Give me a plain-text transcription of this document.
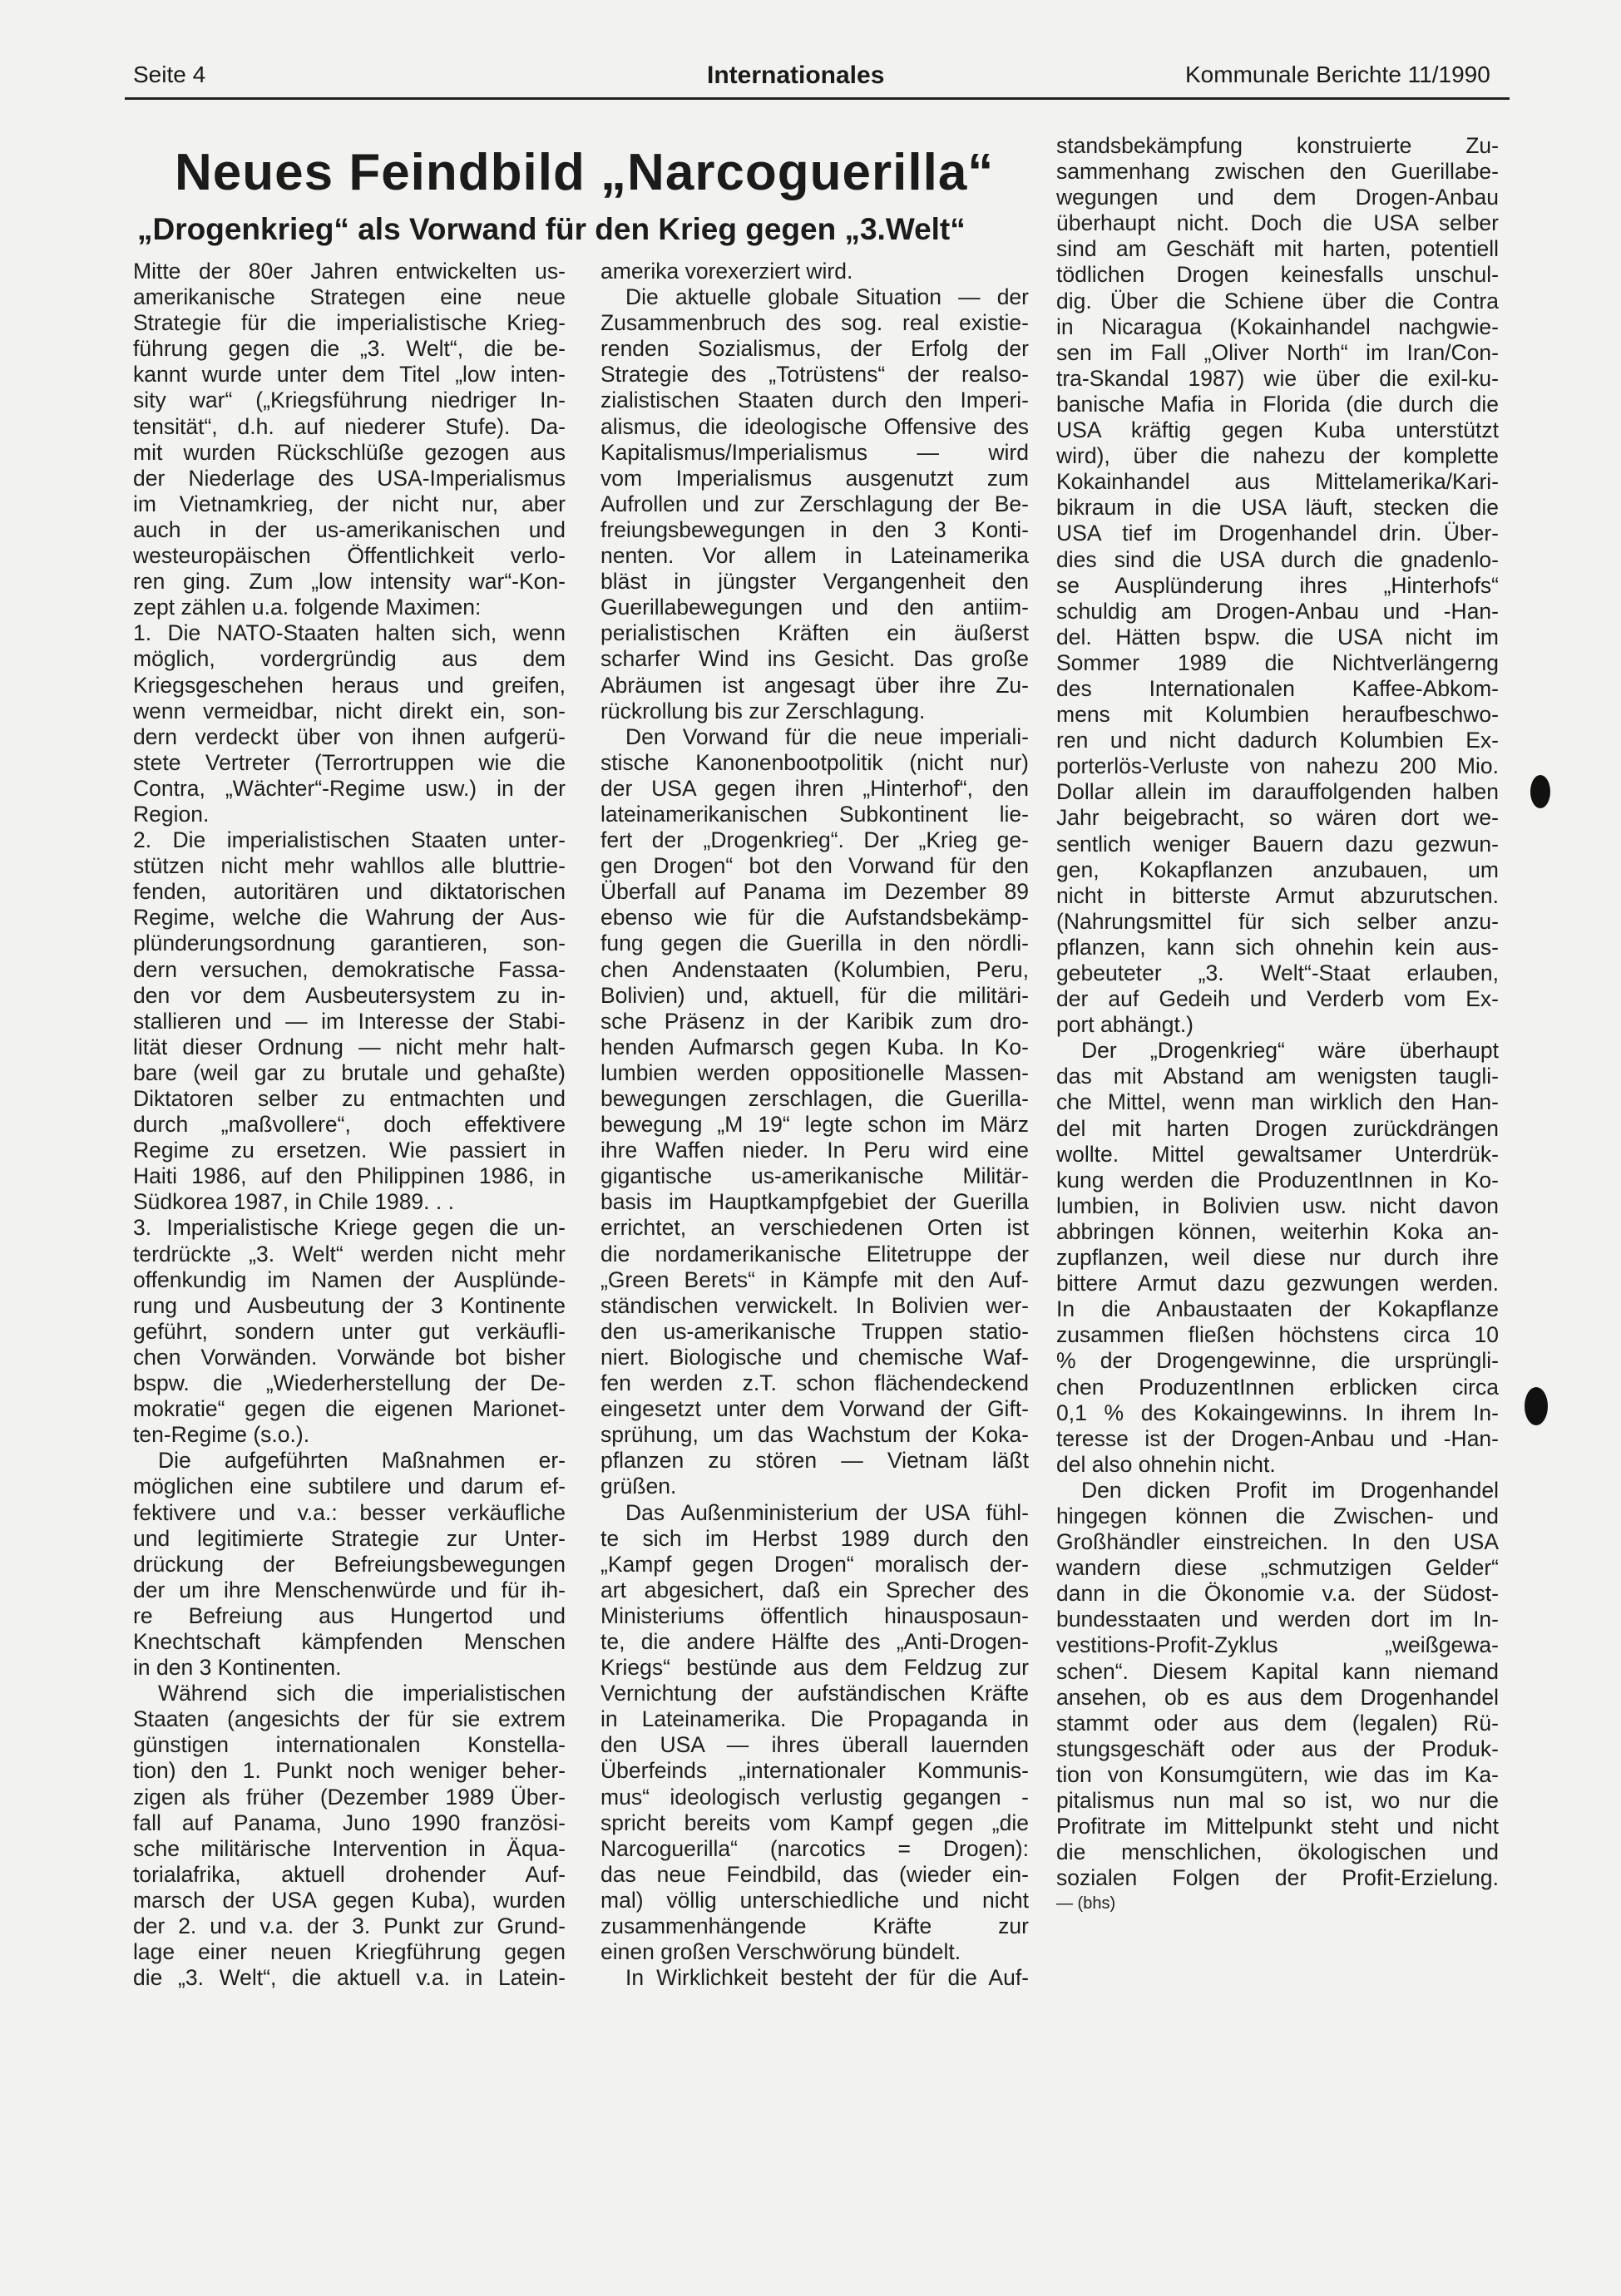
Seite 4	Internationales	Kommunale Berichte 11/1990
Neues Feindbild „Narcoguerilla“
„Drogenkrieg“ als Vorwand für den Krieg gegen „3.Welt“
Mitte der 80er Jahren entwickelten us-
amerikanische Strategen eine neue
Strategie für die imperialistische Krieg-
führung gegen die „3. Welt“, die be-
kannt wurde unter dem Titel „low inten-
sity war“ („Kriegsführung niedriger In-
tensität“, d.h. auf niederer Stufe). Da-
mit wurden Rückschlüße gezogen aus
der Niederlage des USA-Imperialismus
im Vietnamkrieg, der nicht nur, aber
auch in der us-amerikanischen und
westeuropäischen Öffentlichkeit verlo-
ren ging. Zum „low intensity war“-Kon-
zept zählen u.a. folgende Maximen:
1. Die NATO-Staaten halten sich, wenn
möglich, vordergründig aus dem
Kriegsgeschehen heraus und greifen,
wenn vermeidbar, nicht direkt ein, son-
dern verdeckt über von ihnen aufgerü-
stete Vertreter (Terrortruppen wie die
Contra, „Wächter“-Regime usw.) in der
Region.
2. Die imperialistischen Staaten unter-
stützen nicht mehr wahllos alle bluttrie-
fenden, autoritären und diktatorischen
Regime, welche die Wahrung der Aus-
plünderungsordnung garantieren, son-
dern versuchen, demokratische Fassa-
den vor dem Ausbeutersystem zu in-
stallieren und — im Interesse der Stabi-
lität dieser Ordnung — nicht mehr halt-
bare (weil gar zu brutale und gehaßte)
Diktatoren selber zu entmachten und
durch „maßvollere“, doch effektivere
Regime zu ersetzen. Wie passiert in
Haiti 1986, auf den Philippinen 1986, in
Südkorea 1987, in Chile 1989. . .
3. Imperialistische Kriege gegen die un-
terdrückte „3. Welt“ werden nicht mehr
offenkundig im Namen der Ausplünde-
rung und Ausbeutung der 3 Kontinente
geführt, sondern unter gut verkäufli-
chen Vorwänden. Vorwände bot bisher
bspw. die „Wiederherstellung der De-
mokratie“ gegen die eigenen Marionet-
ten-Regime (s.o.).
Die aufgeführten Maßnahmen er-
möglichen eine subtilere und darum ef-
fektivere und v.a.: besser verkäufliche
und legitimierte Strategie zur Unter-
drückung der Befreiungsbewegungen
der um ihre Menschenwürde und für ih-
re Befreiung aus Hungertod und
Knechtschaft kämpfenden Menschen
in den 3 Kontinenten.
Während sich die imperialistischen
Staaten (angesichts der für sie extrem
günstigen internationalen Konstella-
tion) den 1. Punkt noch weniger beher-
zigen als früher (Dezember 1989 Über-
fall auf Panama, Juno 1990 französi-
sche militärische Intervention in Äqua-
torialafrika, aktuell drohender Auf-
marsch der USA gegen Kuba), wurden
der 2. und v.a. der 3. Punkt zur Grund-
lage einer neuen Kriegführung gegen
die „3. Welt“, die aktuell v.a. in Latein-
amerika vorexerziert wird.
Die aktuelle globale Situation — der
Zusammenbruch des sog. real existie-
renden Sozialismus, der Erfolg der
Strategie des „Totrüstens“ der realso-
zialistischen Staaten durch den Imperi-
alismus, die ideologische Offensive des
Kapitalismus/Imperialismus — wird
vom Imperialismus ausgenutzt zum
Aufrollen und zur Zerschlagung der Be-
freiungsbewegungen in den 3 Konti-
nenten. Vor allem in Lateinamerika
bläst in jüngster Vergangenheit den
Guerillabewegungen und den antiim-
perialistischen Kräften ein äußerst
scharfer Wind ins Gesicht. Das große
Abräumen ist angesagt über ihre Zu-
rückrollung bis zur Zerschlagung.
Den Vorwand für die neue imperiali-
stische Kanonenbootpolitik (nicht nur)
der USA gegen ihren „Hinterhof“, den
lateinamerikanischen Subkontinent lie-
fert der „Drogenkrieg“. Der „Krieg ge-
gen Drogen“ bot den Vorwand für den
Überfall auf Panama im Dezember 89
ebenso wie für die Aufstandsbekämp-
fung gegen die Guerilla in den nördli-
chen Andenstaaten (Kolumbien, Peru,
Bolivien) und, aktuell, für die militäri-
sche Präsenz in der Karibik zum dro-
henden Aufmarsch gegen Kuba. In Ko-
lumbien werden oppositionelle Massen-
bewegungen zerschlagen, die Guerilla-
bewegung „M 19“ legte schon im März
ihre Waffen nieder. In Peru wird eine
gigantische us-amerikanische Militär-
basis im Hauptkampfgebiet der Guerilla
errichtet, an verschiedenen Orten ist
die nordamerikanische Elitetruppe der
„Green Berets“ in Kämpfe mit den Auf-
ständischen verwickelt. In Bolivien wer-
den us-amerikanische Truppen statio-
niert. Biologische und chemische Waf-
fen werden z.T. schon flächendeckend
eingesetzt unter dem Vorwand der Gift-
sprühung, um das Wachstum der Koka-
pflanzen zu stören — Vietnam läßt
grüßen.
Das Außenministerium der USA fühl-
te sich im Herbst 1989 durch den
„Kampf gegen Drogen“ moralisch der-
art abgesichert, daß ein Sprecher des
Ministeriums öffentlich hinausposaun-
te, die andere Hälfte des „Anti-Drogen-
Kriegs“ bestünde aus dem Feldzug zur
Vernichtung der aufständischen Kräfte
in Lateinamerika. Die Propaganda in
den USA — ihres überall lauernden
Überfeinds „internationaler Kommunis-
mus“ ideologisch verlustig gegangen -
spricht bereits vom Kampf gegen „die
Narcoguerilla“ (narcotics = Drogen):
das neue Feindbild, das (wieder ein-
mal) völlig unterschiedliche und nicht
zusammenhängende Kräfte zur
einen großen Verschwörung bündelt.
In Wirklichkeit besteht der für die Auf-
standsbekämpfung konstruierte Zu-
sammenhang zwischen den Guerillabe-
wegungen und dem Drogen-Anbau
überhaupt nicht. Doch die USA selber
sind am Geschäft mit harten, potentiell
tödlichen Drogen keinesfalls unschul-
dig. Über die Schiene über die Contra
in Nicaragua (Kokainhandel nachgwie-
sen im Fall „Oliver North“ im Iran/Con-
tra-Skandal 1987) wie über die exil-ku-
banische Mafia in Florida (die durch die
USA kräftig gegen Kuba unterstützt
wird), über die nahezu der komplette
Kokainhandel aus Mittelamerika/Kari-
bikraum in die USA läuft, stecken die
USA tief im Drogenhandel drin. Über-
dies sind die USA durch die gnadenlo-
se Ausplünderung ihres „Hinterhofs“
schuldig am Drogen-Anbau und -Han-
del. Hätten bspw. die USA nicht im
Sommer 1989 die Nichtverlängerng
des Internationalen Kaffee-Abkom-
mens mit Kolumbien heraufbeschwo-
ren und nicht dadurch Kolumbien Ex-
porterlös-Verluste von nahezu 200 Mio.
Dollar allein im darauffolgenden halben
Jahr beigebracht, so wären dort we-
sentlich weniger Bauern dazu gezwun-
gen, Kokapflanzen anzubauen, um
nicht in bitterste Armut abzurutschen.
(Nahrungsmittel für sich selber anzu-
pflanzen, kann sich ohnehin kein aus-
gebeuteter „3. Welt“-Staat erlauben,
der auf Gedeih und Verderb vom Ex-
port abhängt.)
Der „Drogenkrieg“ wäre überhaupt
das mit Abstand am wenigsten taugli-
che Mittel, wenn man wirklich den Han-
del mit harten Drogen zurückdrängen
wollte. Mittel gewaltsamer Unterdrük-
kung werden die ProduzentInnen in Ko-
lumbien, in Bolivien usw. nicht davon
abbringen können, weiterhin Koka an-
zupflanzen, weil diese nur durch ihre
bittere Armut dazu gezwungen werden.
In die Anbaustaaten der Kokapflanze
zusammen fließen höchstens circa 10
% der Drogengewinne, die ursprüngli-
chen ProduzentInnen erblicken circa
0,1 % des Kokaingewinns. In ihrem In-
teresse ist der Drogen-Anbau und -Han-
del also ohnehin nicht.
Den dicken Profit im Drogenhandel
hingegen können die Zwischen- und
Großhändler einstreichen. In den USA
wandern diese „schmutzigen Gelder“
dann in die Ökonomie v.a. der Südost-
bundesstaaten und werden dort im In-
vestitions-Profit-Zyklus „weißgewa-
schen“. Diesem Kapital kann niemand
ansehen, ob es aus dem Drogenhandel
stammt oder aus dem (legalen) Rü-
stungsgeschäft oder aus der Produk-
tion von Konsumgütern, wie das im Ka-
pitalismus nun mal so ist, wo nur die
Profitrate im Mittelpunkt steht und nicht
die menschlichen, ökologischen und
sozialen Folgen der Profit-Erzielung.
— (bhs)
